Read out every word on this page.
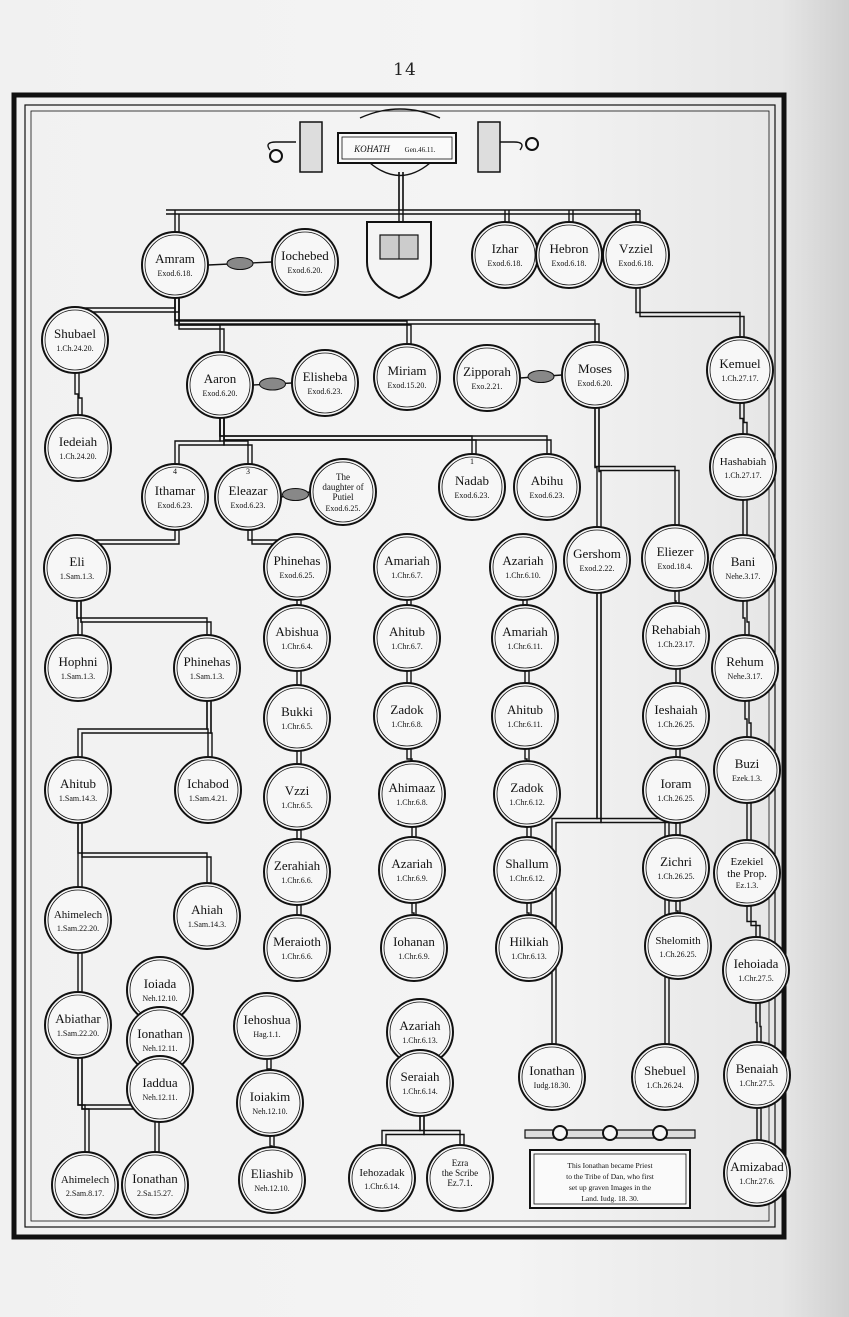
14
KOHATH Gen.46.11.
This Ionathan became Priest
to the Tribe of Dan, who first
set up graven Images in the
Land. Iudg. 18. 30.
Amram
Exod.6.18.
Iochebed
Exod.6.20.
Izhar
Exod.6.18.
Hebron
Exod.6.18.
Vzziel
Exod.6.18.
Shubael
1.Ch.24.20.
Iedeiah
1.Ch.24.20.
Aaron
Exod.6.20.
Elisheba
Exod.6.23.
Miriam
Exod.15.20.
Zipporah
Exo.2.21.
Moses
Exod.6.20.
Kemuel
1.Ch.27.17.
Hashabiah
1.Ch.27.17.
Ithamar
Exod.6.23.
4
Eleazar
Exod.6.23.
3
The
daughter of
Putiel
Exod.6.25.
Nadab
Exod.6.23.
1
Abihu
Exod.6.23.
Eli
1.Sam.1.3.
Phinehas
Exod.6.25.
Amariah
1.Chr.6.7.
Azariah
1.Chr.6.10.
Gershom
Exod.2.22.
Eliezer
Exod.18.4.	Bani
Nehe.3.17.
Hophni
1.Sam.1.3.
Phinehas
1.Sam.1.3.
Abishua
1.Chr.6.4.
Ahitub
1.Chr.6.7.
Amariah
1.Chr.6.11.
Rehabiah
1.Ch.23.17.
Rehum
Nehe.3.17.
Bukki
1.Chr.6.5.
Zadok
1.Chr.6.8.
Ahitub
1.Chr.6.11.
Ieshaiah
1.Ch.26.25.
Buzi
Ezek.1.3.
Ahitub
1.Sam.14.3.
Ichabod
1.Sam.4.21.
Vzzi
1.Chr.6.5.
Ahimaaz
1.Chr.6.8.
Zadok
1.Chr.6.12.
Ioram
1.Ch.26.25.
Zerahiah
1.Chr.6.6.
Azariah
1.Chr.6.9.
Shallum
1.Chr.6.12.
Zichri
1.Ch.26.25.
Ezekiel
the Prop.
Ez.1.3.
Ahimelech
1.Sam.22.20.
Ahiah
1.Sam.14.3.
Meraioth
1.Chr.6.6.
Iohanan
1.Chr.6.9.
Hilkiah
1.Chr.6.13.
Shelomith
1.Ch.26.25.
Ioiada
Neh.12.10.
Iehoiada
1.Chr.27.5.
Abiathar
1.Sam.22.20.	Ionathan
Neh.12.11.
Iehoshua
Hag.1.1.
Azariah
1.Chr.6.13.
Seraiah
1.Chr.6.14.
Ionathan
Iudg.18.30.
Shebuel
1.Ch.26.24.
Benaiah
1.Chr.27.5.
Iaddua
Neh.12.11.	Ioiakim
Neh.12.10.
Ahimelech
2.Sam.8.17.
Ionathan
2.Sa.15.27.
Eliashib
Neh.12.10.
Iehozadak
1.Chr.6.14.
Ezra
the Scribe
Ez.7.1.
Amizabad
1.Chr.27.6.
